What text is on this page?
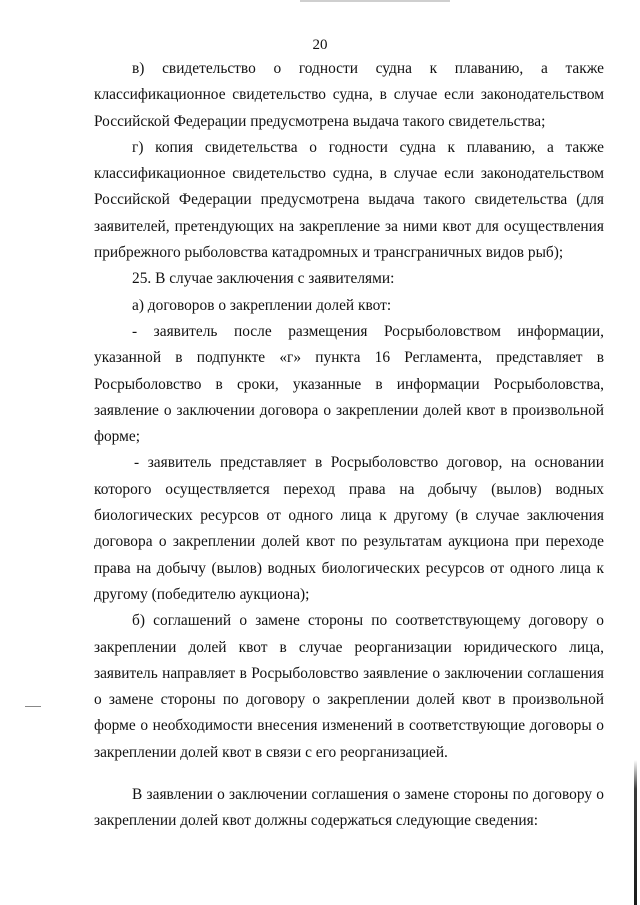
20

в) свидетельство о годности судна к плаванию, а также классификационное свидетельство судна, в случае если законодательством Российской Федерации предусмотрена выдача такого свидетельства;

г) копия свидетельства о годности судна к плаванию, а также классификационное свидетельство судна, в случае если законодательством Российской Федерации предусмотрена выдача такого свидетельства (для заявителей, претендующих на закрепление за ними квот для осуществления прибрежного рыболовства катадромных и трансграничных видов рыб);

25. В случае заключения с заявителями:

а) договоров о закреплении долей квот:

- заявитель после размещения Росрыболовством информации, указанной в подпункте «г» пункта 16 Регламента, представляет в Росрыболовство в сроки, указанные в информации Росрыболовства, заявление о заключении договора о закреплении долей квот в произвольной форме;

- заявитель представляет в Росрыболовство договор, на основании которого осуществляется переход права на добычу (вылов) водных биологических ресурсов от одного лица к другому (в случае заключения договора о закреплении долей квот по результатам аукциона при переходе права на добычу (вылов) водных биологических ресурсов от одного лица к другому (победителю аукциона);

б) соглашений о замене стороны по соответствующему договору о закреплении долей квот в случае реорганизации юридического лица, заявитель направляет в Росрыболовство заявление о заключении соглашения о замене стороны по договору о закреплении долей квот в произвольной форме о необходимости внесения изменений в соответствующие договоры о закреплении долей квот в связи с его реорганизацией.

В заявлении о заключении соглашения о замене стороны по договору о закреплении долей квот должны содержаться следующие сведения:
